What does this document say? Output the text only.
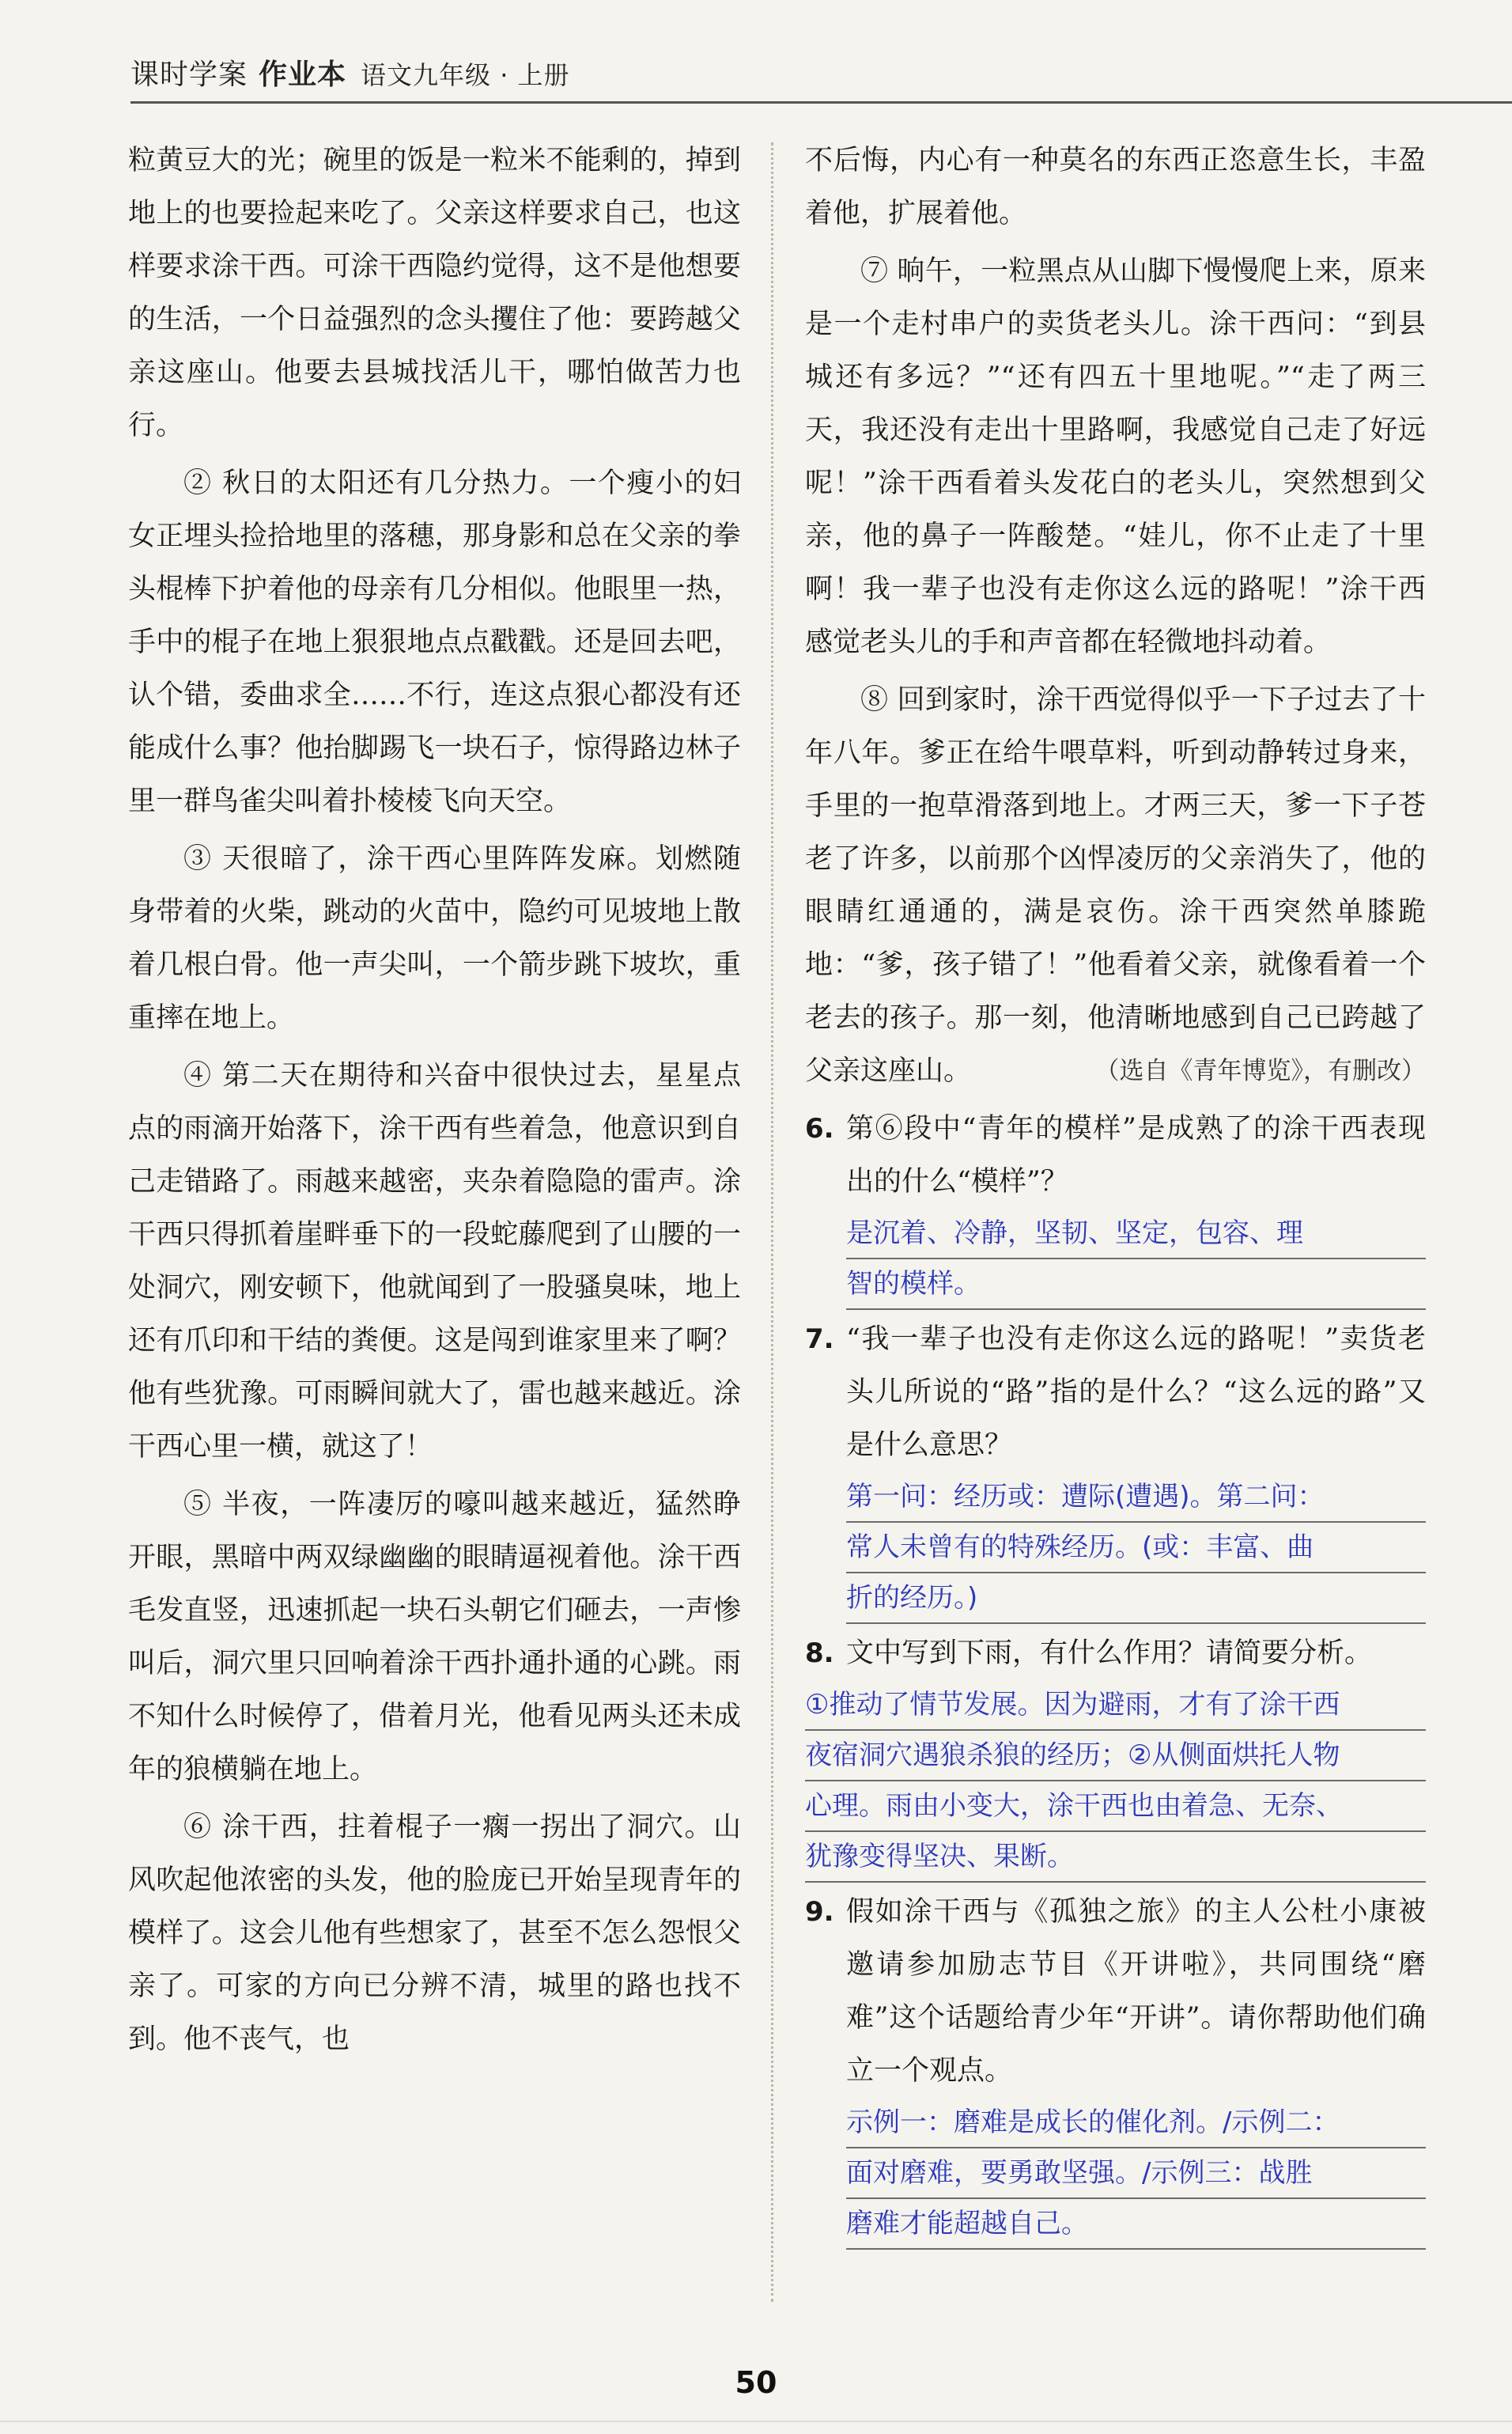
课时学案 作业本 语文九年级 · 上册

粒黄豆大的光；碗里的饭是一粒米不能剩的，掉到地上的也要捡起来吃了。父亲这样要求自己，也这样要求涂干西。可涂干西隐约觉得，这不是他想要的生活，一个日益强烈的念头攫住了他：要跨越父亲这座山。他要去县城找活儿干，哪怕做苦力也行。

② 秋日的太阳还有几分热力。一个瘦小的妇女正埋头捡拾地里的落穗，那身影和总在父亲的拳头棍棒下护着他的母亲有几分相似。他眼里一热，手中的棍子在地上狠狠地点点戳戳。还是回去吧，认个错，委曲求全……不行，连这点狠心都没有还能成什么事？他抬脚踢飞一块石子，惊得路边林子里一群鸟雀尖叫着扑棱棱飞向天空。

③ 天很暗了，涂干西心里阵阵发麻。划燃随身带着的火柴，跳动的火苗中，隐约可见坡地上散着几根白骨。他一声尖叫，一个箭步跳下坡坎，重重摔在地上。

④ 第二天在期待和兴奋中很快过去，星星点点的雨滴开始落下，涂干西有些着急，他意识到自己走错路了。雨越来越密，夹杂着隐隐的雷声。涂干西只得抓着崖畔垂下的一段蛇藤爬到了山腰的一处洞穴，刚安顿下，他就闻到了一股骚臭味，地上还有爪印和干结的粪便。这是闯到谁家里来了啊？他有些犹豫。可雨瞬间就大了，雷也越来越近。涂干西心里一横，就这了！

⑤ 半夜，一阵凄厉的嚎叫越来越近，猛然睁开眼，黑暗中两双绿幽幽的眼睛逼视着他。涂干西毛发直竖，迅速抓起一块石头朝它们砸去，一声惨叫后，洞穴里只回响着涂干西扑通扑通的心跳。雨不知什么时候停了，借着月光，他看见两头还未成年的狼横躺在地上。

⑥ 涂干西，拄着棍子一瘸一拐出了洞穴。山风吹起他浓密的头发，他的脸庞已开始呈现青年的模样了。这会儿他有些想家了，甚至不怎么怨恨父亲了。可家的方向已分辨不清，城里的路也找不到。他不丧气，也

不后悔，内心有一种莫名的东西正恣意生长，丰盈着他，扩展着他。

⑦ 晌午，一粒黑点从山脚下慢慢爬上来，原来是一个走村串户的卖货老头儿。涂干西问：“到县城还有多远？”“还有四五十里地呢。”“走了两三天，我还没有走出十里路啊，我感觉自己走了好远呢！”涂干西看着头发花白的老头儿，突然想到父亲，他的鼻子一阵酸楚。“娃儿，你不止走了十里啊！我一辈子也没有走你这么远的路呢！”涂干西感觉老头儿的手和声音都在轻微地抖动着。

⑧ 回到家时，涂干西觉得似乎一下子过去了十年八年。爹正在给牛喂草料，听到动静转过身来，手里的一抱草滑落到地上。才两三天，爹一下子苍老了许多，以前那个凶悍凌厉的父亲消失了，他的眼睛红通通的，满是哀伤。涂干西突然单膝跪地：“爹，孩子错了！”他看着父亲，就像看着一个老去的孩子。那一刻，他清晰地感到自己已跨越了父亲这座山。	（选自《青年博览》，有删改）

6. 第⑥段中“青年的模样”是成熟了的涂干西表现出的什么“模样”？
是沉着、冷静，坚韧、坚定，包容、理
智的模样。
7. “我一辈子也没有走你这么远的路呢！”卖货老头儿所说的“路”指的是什么？“这么远的路”又是什么意思？
第一问：经历或：遭际(遭遇)。第二问：
常人未曾有的特殊经历。(或：丰富、曲
折的经历。)
8. 文中写到下雨，有什么作用？请简要分析。
①推动了情节发展。因为避雨，才有了涂干西
夜宿洞穴遇狼杀狼的经历；②从侧面烘托人物
心理。雨由小变大，涂干西也由着急、无奈、
犹豫变得坚决、果断。
9. 假如涂干西与《孤独之旅》的主人公杜小康被邀请参加励志节目《开讲啦》，共同围绕“磨难”这个话题给青少年“开讲”。请你帮助他们确立一个观点。
示例一：磨难是成长的催化剂。/示例二：
面对磨难，要勇敢坚强。/示例三：战胜
磨难才能超越自己。
50
